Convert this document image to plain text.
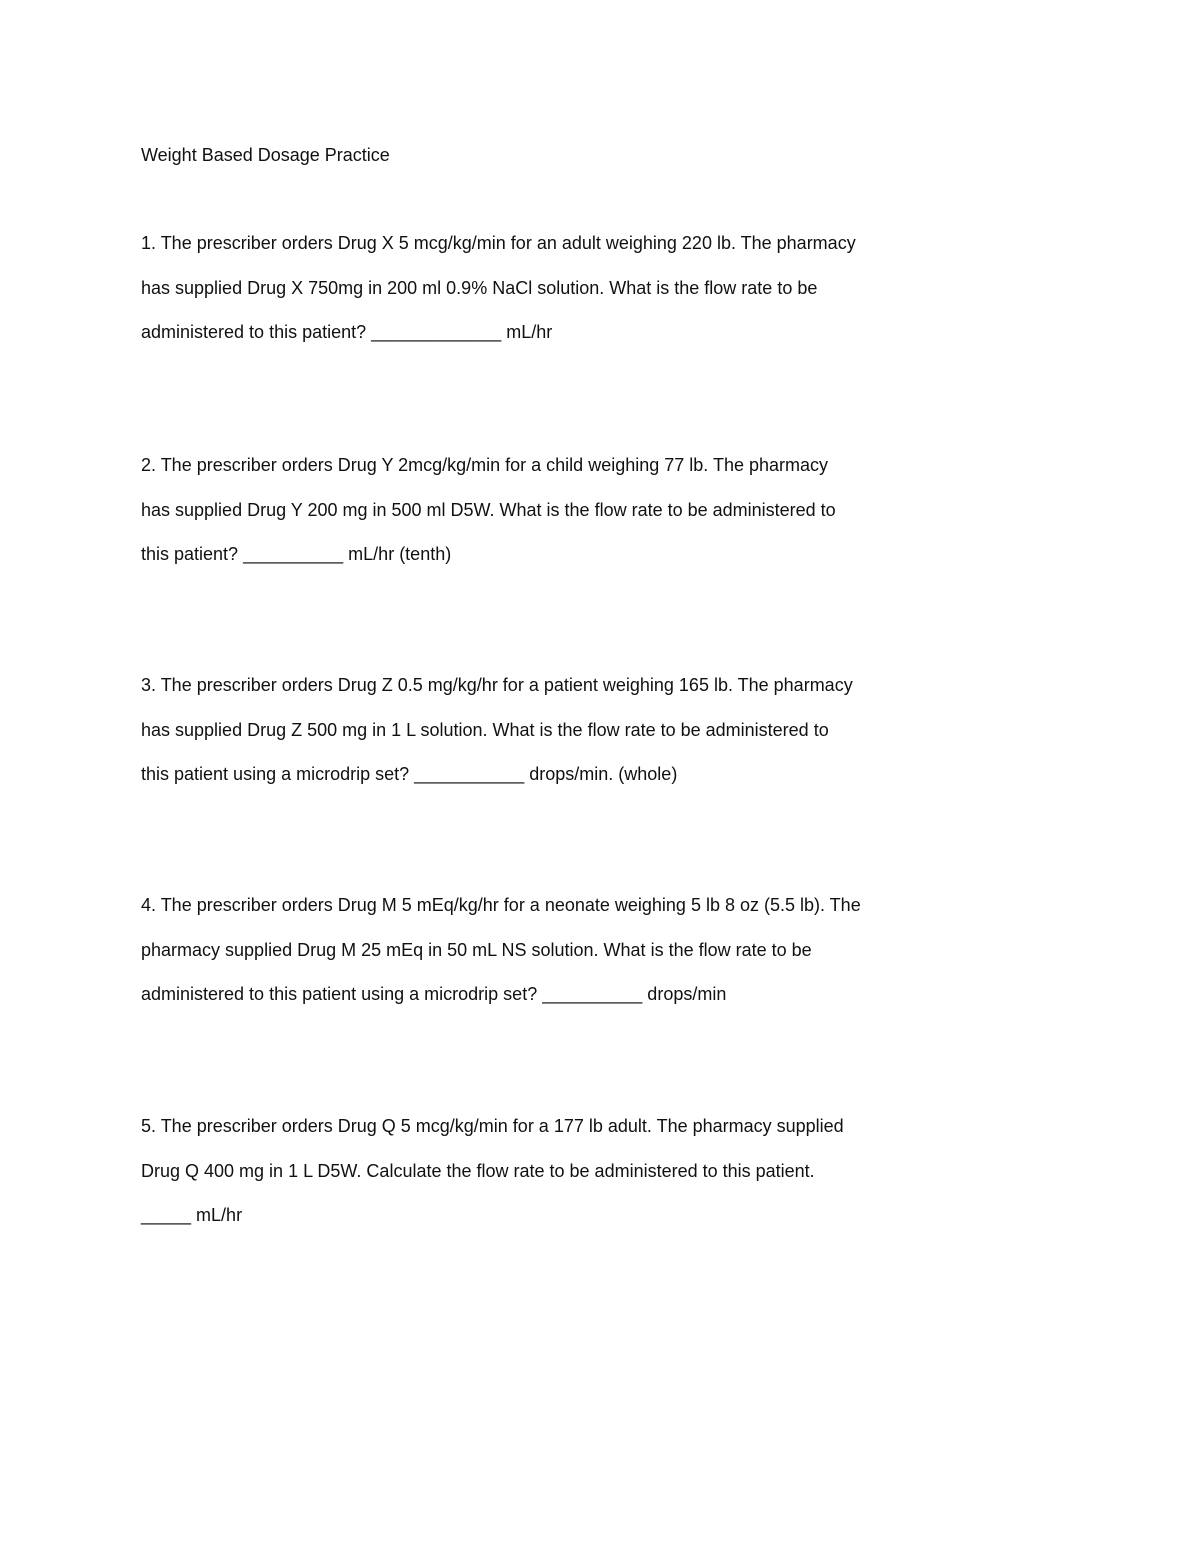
Weight Based Dosage Practice
1. The prescriber orders Drug X 5 mcg/kg/min for an adult weighing 220 lb. The pharmacy
has supplied Drug X 750mg in 200 ml 0.9% NaCl solution. What is the flow rate to be
administered to this patient? _____________ mL/hr
2. The prescriber orders Drug Y 2mcg/kg/min for a child weighing 77 lb. The pharmacy
has supplied Drug Y 200 mg in 500 ml D5W. What is the flow rate to be administered to
this patient? __________ mL/hr (tenth)
3. The prescriber orders Drug Z 0.5 mg/kg/hr for a patient weighing 165 lb. The pharmacy
has supplied Drug Z 500 mg in 1 L solution. What is the flow rate to be administered to
this patient using a microdrip set? ___________ drops/min. (whole)
4. The prescriber orders Drug M 5 mEq/kg/hr for a neonate weighing 5 lb 8 oz (5.5 lb). The
pharmacy supplied Drug M 25 mEq in 50 mL NS solution. What is the flow rate to be
administered to this patient using a microdrip set? __________ drops/min
5. The prescriber orders Drug Q 5 mcg/kg/min for a 177 lb adult. The pharmacy supplied
Drug Q 400 mg in 1 L D5W. Calculate the flow rate to be administered to this patient.
_____ mL/hr
